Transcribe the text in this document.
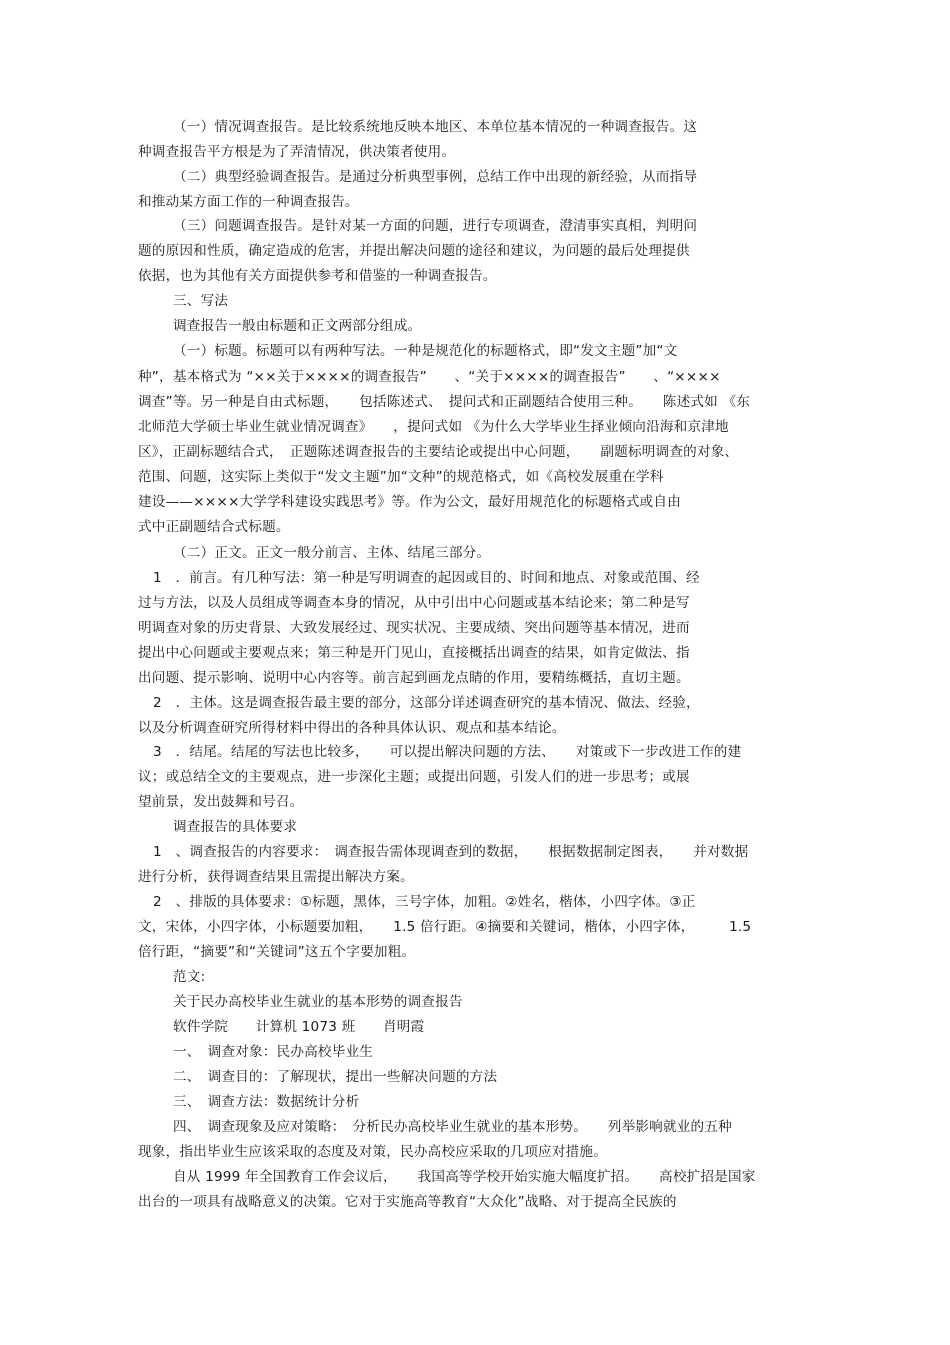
（一）情况调查报告。是比较系统地反映本地区、本单位基本情况的一种调查报告。这
种调查报告平方根是为了弄清情况，供决策者使用。
（二）典型经验调查报告。是通过分析典型事例，总结工作中出现的新经验，从而指导
和推动某方面工作的一种调查报告。
（三）问题调查报告。是针对某一方面的问题，进行专项调查，澄清事实真相，判明问
题的原因和性质，确定造成的危害，并提出解决问题的途径和建议，为问题的最后处理提供
依据，也为其他有关方面提供参考和借鉴的一种调查报告。
三、写法
调查报告一般由标题和正文两部分组成。
（一）标题。标题可以有两种写法。一种是规范化的标题格式，即“发文主题”加“文
种”，基本格式为 “××关于××××的调查报告”　　、“关于××××的调查报告”　　、“××××
调查”等。另一种是自由式标题，　　包括陈述式、　提问式和正副题结合使用三种。　　陈述式如 《东
北师范大学硕士毕业生就业情况调查》　　，提问式如 《为什么大学毕业生择业倾向沿海和京津地
区》，正副标题结合式，　正题陈述调查报告的主要结论或提出中心问题，　　副题标明调查的对象、
范围、问题，这实际上类似于“发文主题”加“文种”的规范格式，如《高校发展重在学科
建设——××××大学学科建设实践思考》等。作为公文，最好用规范化的标题格式或自由
式中正副题结合式标题。
（二）正文。正文一般分前言、主体、结尾三部分。
1　．前言。有几种写法：第一种是写明调查的起因或目的、时间和地点、对象或范围、经
过与方法，以及人员组成等调查本身的情况，从中引出中心问题或基本结论来；第二种是写
明调查对象的历史背景、大致发展经过、现实状况、主要成绩、突出问题等基本情况，进而
提出中心问题或主要观点来；第三种是开门见山，直接概括出调查的结果，如肯定做法、指
出问题、提示影响、说明中心内容等。前言起到画龙点睛的作用，要精练概括，直切主题。
2　．主体。这是调查报告最主要的部分，这部分详述调查研究的基本情况、做法、经验，
以及分析调查研究所得材料中得出的各种具体认识、观点和基本结论。
3　．结尾。结尾的写法也比较多，　　可以提出解决问题的方法、　　对策或下一步改进工作的建
议；或总结全文的主要观点，进一步深化主题；或提出问题，引发人们的进一步思考；或展
望前景，发出鼓舞和号召。
调查报告的具体要求
1　、调查报告的内容要求：　调查报告需体现调查到的数据，　　根据数据制定图表，　　并对数据
进行分析，获得调查结果且需提出解决方案。
2　、排版的具体要求：①标题，黑体，三号字体，加粗。②姓名，楷体，小四字体。③正
文，宋体，小四字体，小标题要加粗，　　1.5 倍行距。④摘要和关键词，楷体，小四字体，　　　1.5
倍行距，“摘要”和“关键词”这五个字要加粗。
范文:
关于民办高校毕业生就业的基本形势的调查报告
软件学院　　计算机 1073 班　　肖明霞
一、　调查对象：民办高校毕业生
二、　调查目的：了解现状，提出一些解决问题的方法
三、　调查方法：数据统计分析
四、　调查现象及应对策略：　分析民办高校毕业生就业的基本形势。　　列举影响就业的五种
现象，指出毕业生应该采取的态度及对策，民办高校应采取的几项应对措施。
自从 1999 年全国教育工作会议后，　　我国高等学校开始实施大幅度扩招。　　高校扩招是国家
出台的一项具有战略意义的决策。它对于实施高等教育“大众化”战略、对于提高全民族的
